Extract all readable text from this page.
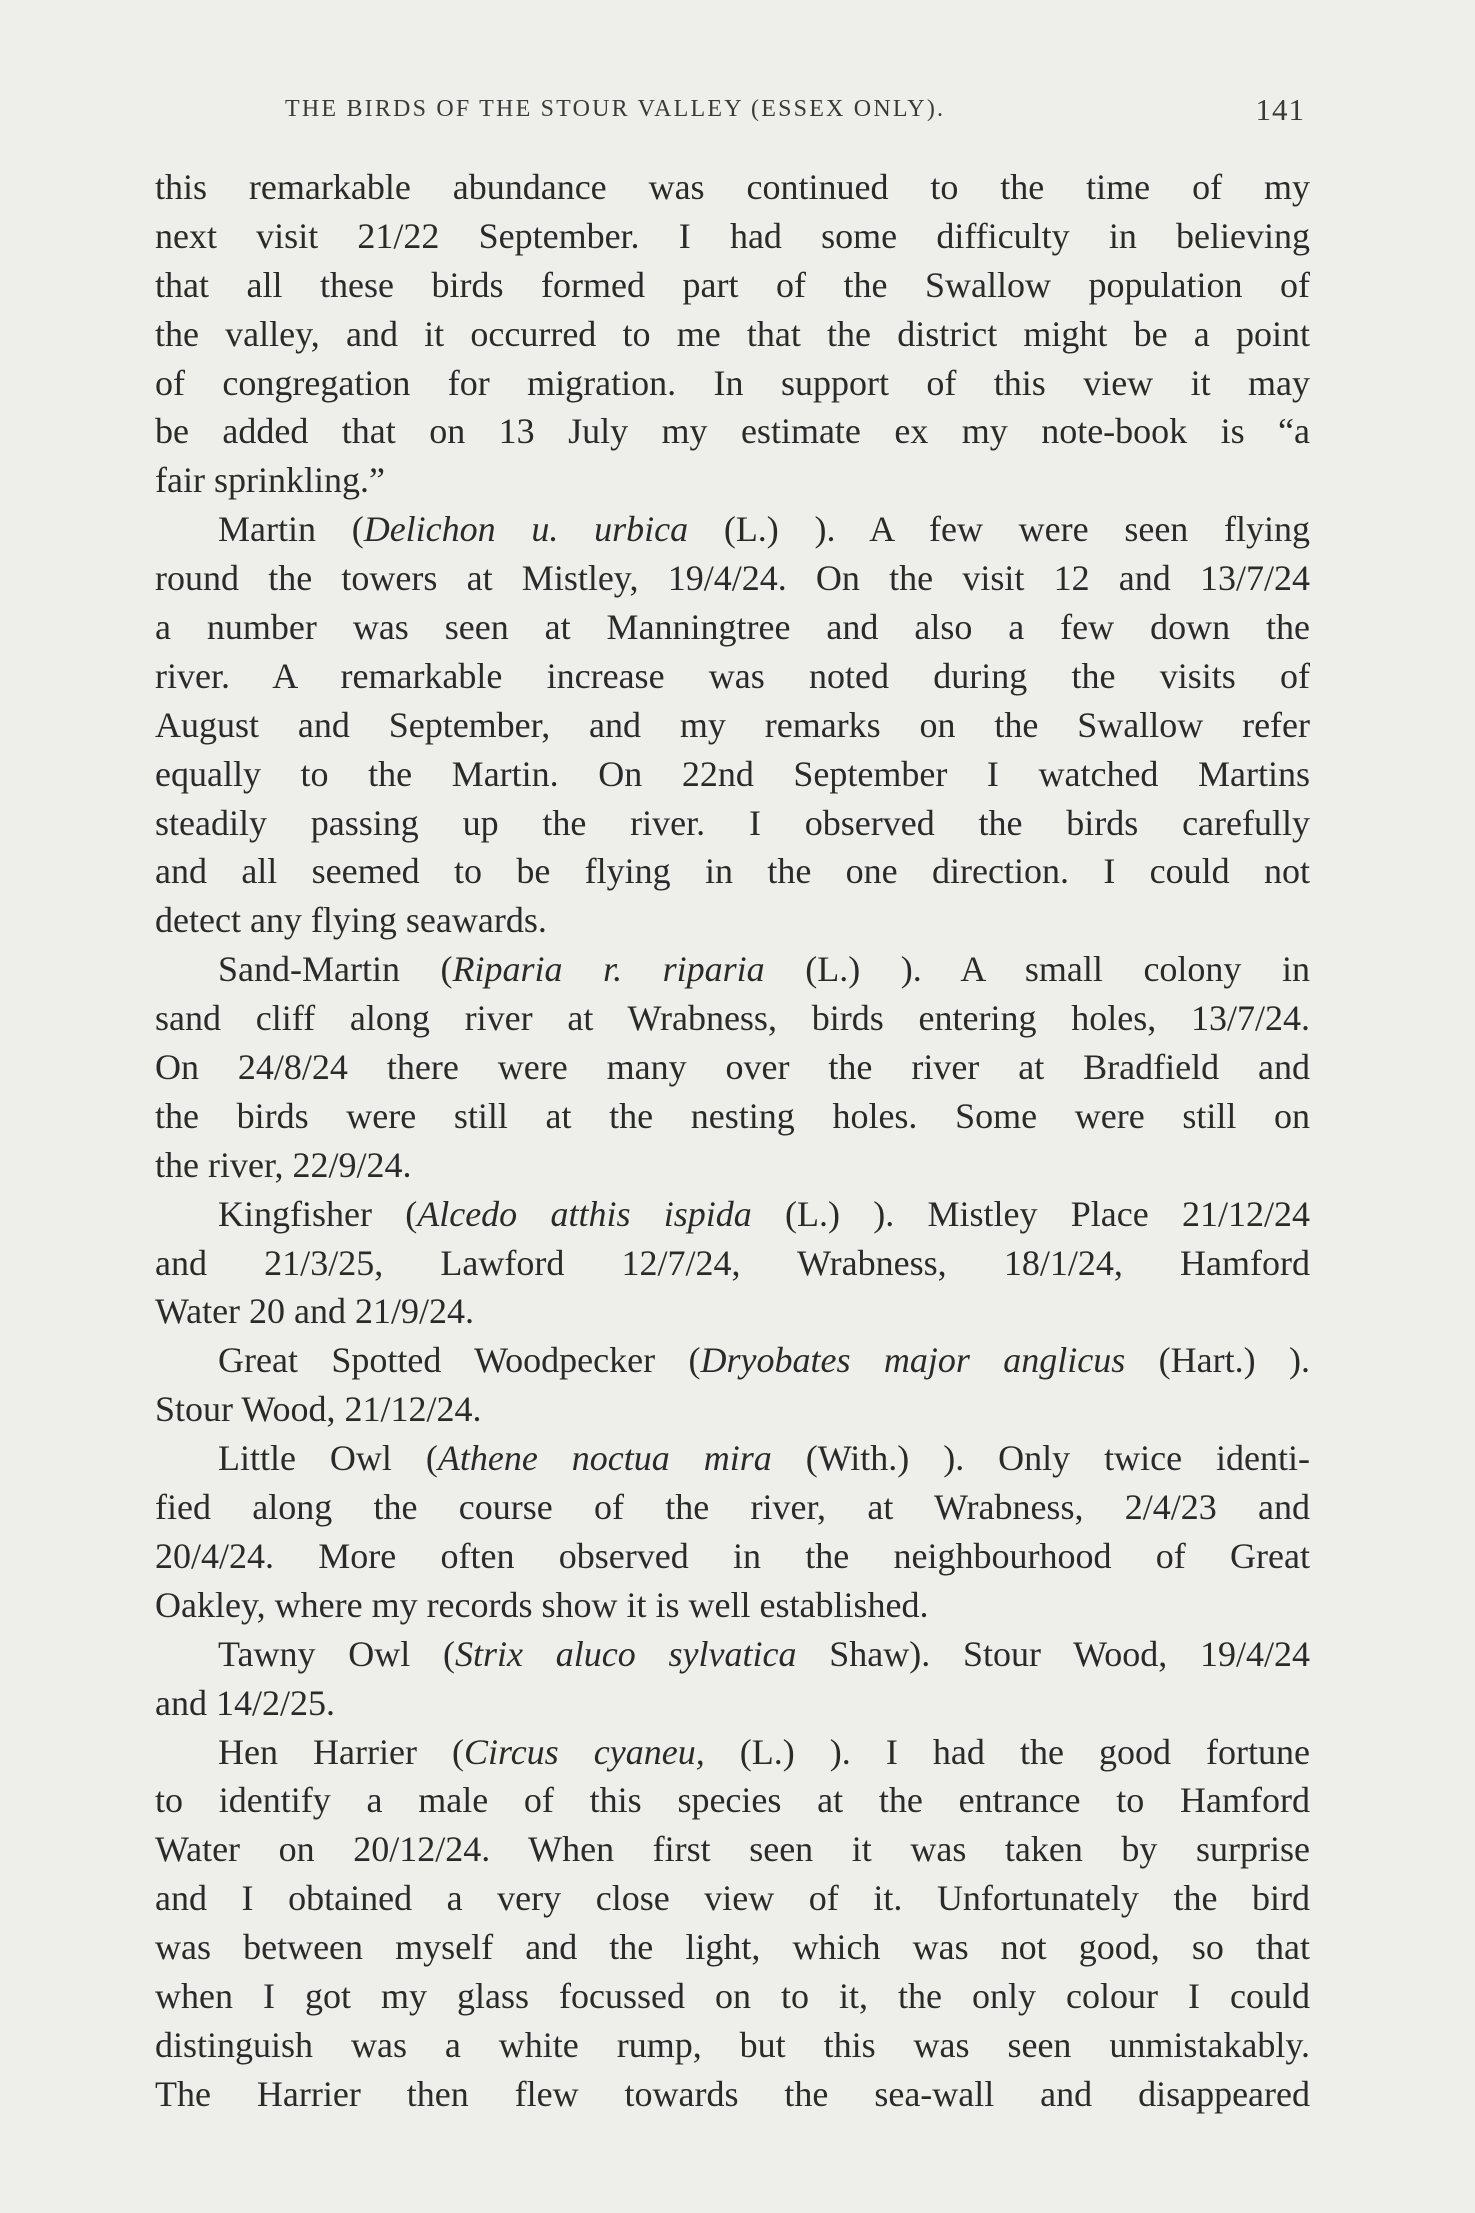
THE BIRDS OF THE STOUR VALLEY (ESSEX ONLY).	141
this remarkable abundance was continued to the time of my
next visit 21/22 September. I had some difficulty in believing
that all these birds formed part of the Swallow population of
the valley, and it occurred to me that the district might be a point
of congregation for migration. In support of this view it may
be added that on 13 July my estimate ex my note-book is “a
fair sprinkling.”
Martin (Delichon u. urbica (L.) ). A few were seen flying
round the towers at Mistley, 19/4/24. On the visit 12 and 13/7/24
a number was seen at Manningtree and also a few down the
river. A remarkable increase was noted during the visits of
August and September, and my remarks on the Swallow refer
equally to the Martin. On 22nd September I watched Martins
steadily passing up the river. I observed the birds carefully
and all seemed to be flying in the one direction. I could not
detect any flying seawards.
Sand-Martin (Riparia r. riparia (L.) ). A small colony in
sand cliff along river at Wrabness, birds entering holes, 13/7/24.
On 24/8/24 there were many over the river at Bradfield and
the birds were still at the nesting holes. Some were still on
the river, 22/9/24.
Kingfisher (Alcedo atthis ispida (L.) ). Mistley Place 21/12/24
and 21/3/25, Lawford 12/7/24, Wrabness, 18/1/24, Hamford
Water 20 and 21/9/24.
Great Spotted Woodpecker (Dryobates major anglicus (Hart.) ).
Stour Wood, 21/12/24.
Little Owl (Athene noctua mira (With.) ). Only twice identi-
fied along the course of the river, at Wrabness, 2/4/23 and
20/4/24. More often observed in the neighbourhood of Great
Oakley, where my records show it is well established.
Tawny Owl (Strix aluco sylvatica Shaw). Stour Wood, 19/4/24
and 14/2/25.
Hen Harrier (Circus cyaneu, (L.) ). I had the good fortune
to identify a male of this species at the entrance to Hamford
Water on 20/12/24. When first seen it was taken by surprise
and I obtained a very close view of it. Unfortunately the bird
was between myself and the light, which was not good, so that
when I got my glass focussed on to it, the only colour I could
distinguish was a white rump, but this was seen unmistakably.
The Harrier then flew towards the sea-wall and disappeared
